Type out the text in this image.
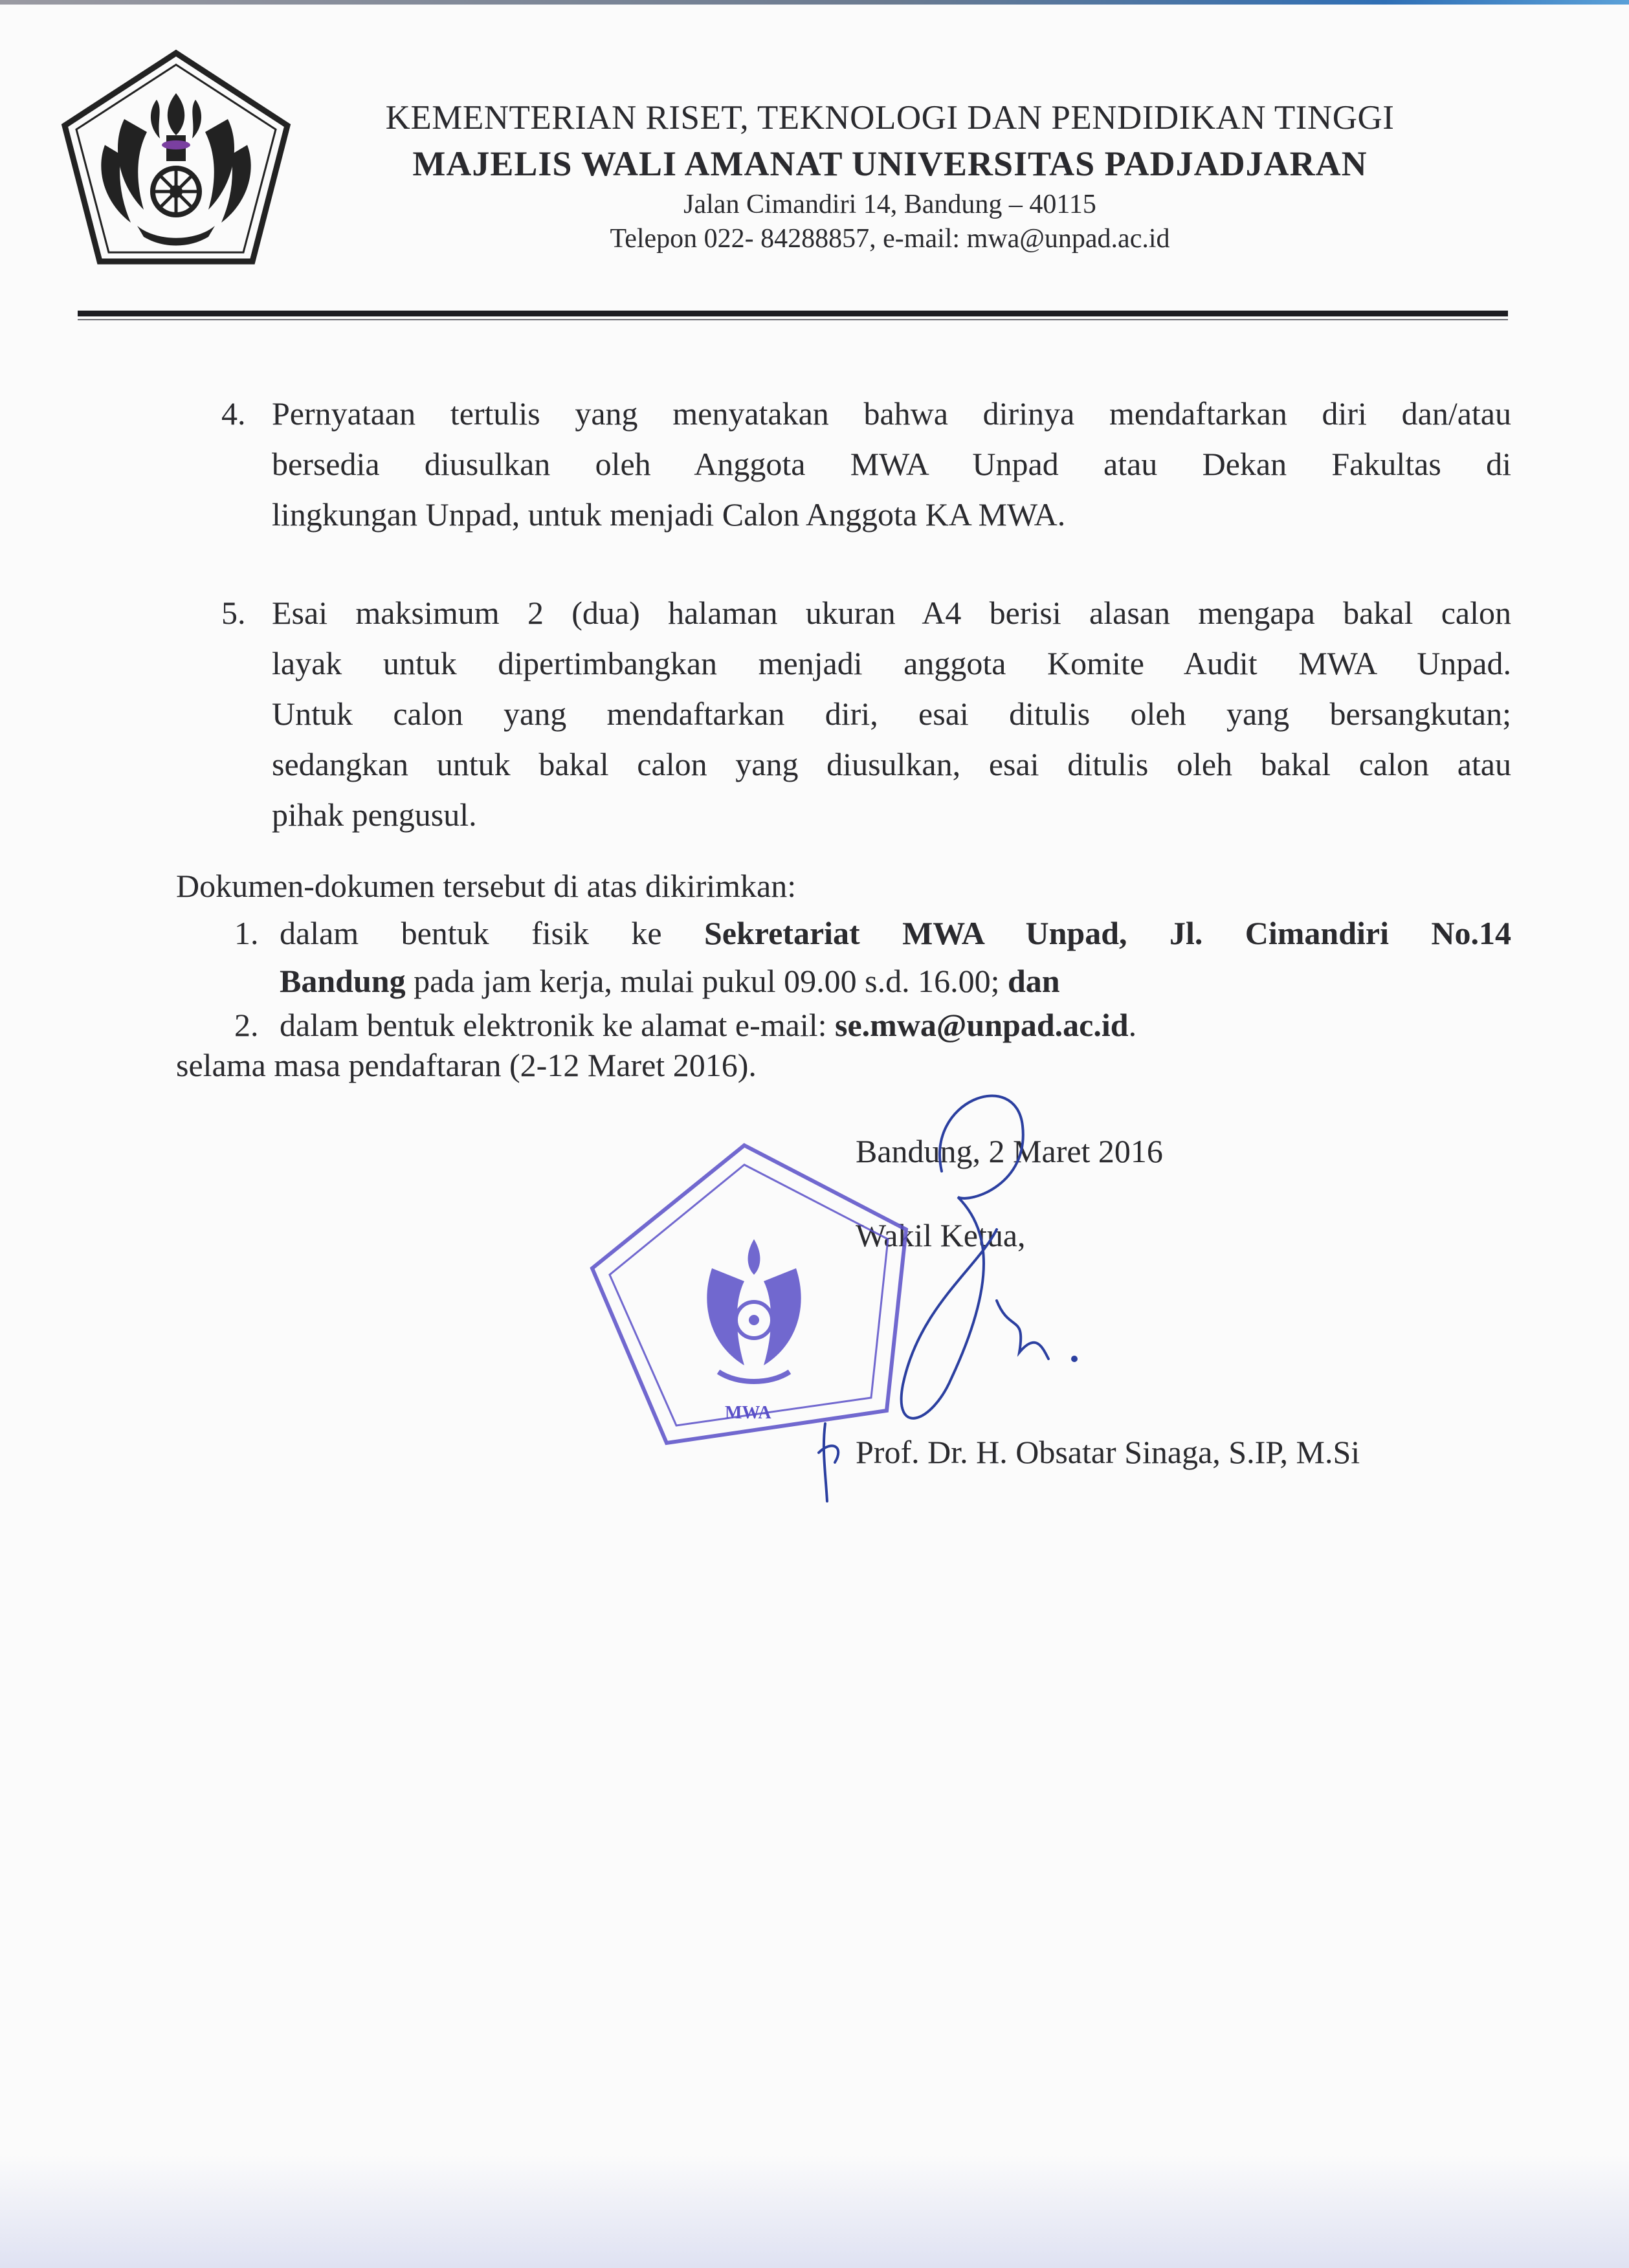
KEMENTERIAN RISET, TEKNOLOGI DAN PENDIDIKAN TINGGI
MAJELIS WALI AMANAT UNIVERSITAS PADJADJARAN
Jalan Cimandiri 14, Bandung – 40115
Telepon 022- 84288857, e-mail: mwa@unpad.ac.id
4. Pernyataan tertulis yang menyatakan bahwa dirinya mendaftarkan diri dan/atau
bersedia diusulkan oleh Anggota MWA Unpad atau Dekan Fakultas di
lingkungan Unpad, untuk menjadi Calon Anggota KA MWA.
5. Esai maksimum 2 (dua) halaman ukuran A4 berisi alasan mengapa bakal calon
layak untuk dipertimbangkan menjadi anggota Komite Audit MWA Unpad.
Untuk calon yang mendaftarkan diri, esai ditulis oleh yang bersangkutan;
sedangkan untuk bakal calon yang diusulkan, esai ditulis oleh bakal calon atau
pihak pengusul.
Dokumen-dokumen tersebut di atas dikirimkan:
1. dalam bentuk fisik ke Sekretariat MWA Unpad, Jl. Cimandiri No.14
Bandung pada jam kerja, mulai pukul 09.00 s.d. 16.00; dan
2. dalam bentuk elektronik ke alamat e-mail: se.mwa@unpad.ac.id.
selama masa pendaftaran (2-12 Maret 2016).
Bandung, 2 Maret 2016
Wakil Ketua,
Prof. Dr. H. Obsatar Sinaga, S.IP, M.Si
MWA
